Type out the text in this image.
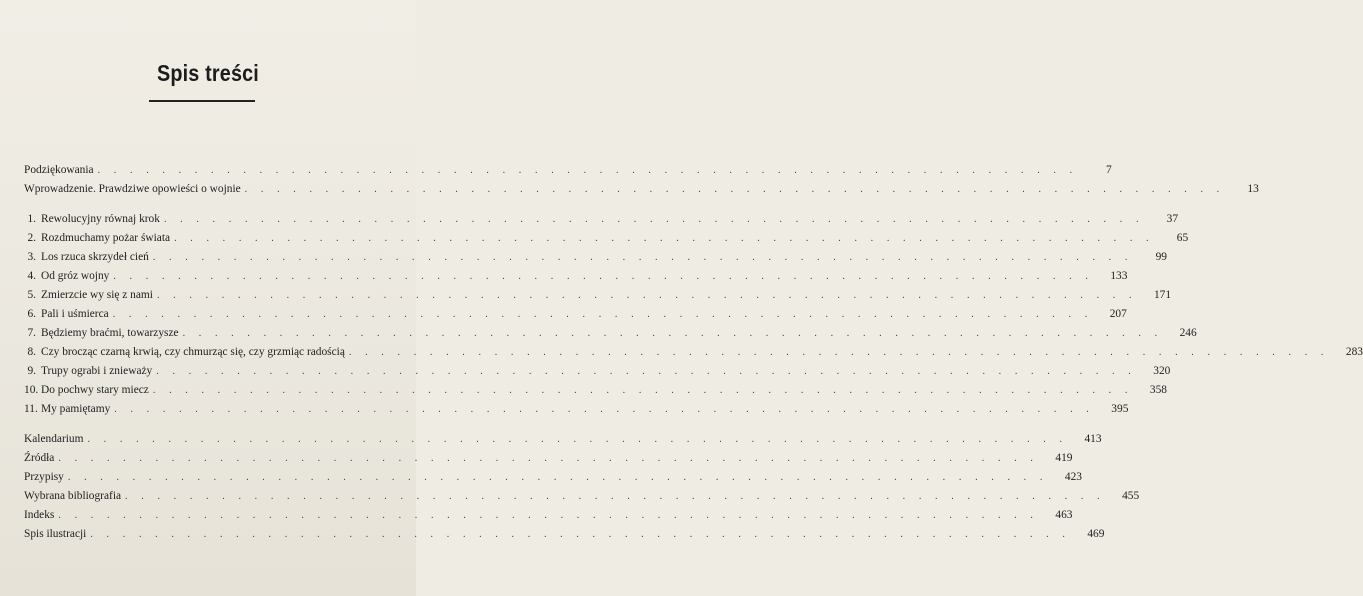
Spis treści
Podziękowania . . . . . . . . . . . . . . . . . . . . . . . . . . . . . . . . . . . . . . . . . . . . . . . . . . . . . . . . . . . . .	7
Wprowadzenie. Prawdziwe opowieści o wojnie . . . . . . . . . . . . . . . . . . . . . . . . . . . . . . . . . . . . . . . . . . . . . . . . . . . . . . . . . . . . .	13
1. Rewolucyjny równaj krok . . . . . . . . . . . . . . . . . . . . . . . . . . . . . . . . . . . . . . . . . . . . . . . . . . . . . . . . . . . . .	37
2. Rozdmuchamy pożar świata . . . . . . . . . . . . . . . . . . . . . . . . . . . . . . . . . . . . . . . . . . . . . . . . . . . . . . . . . . . . .	65
3. Los rzuca skrzydeł cień . . . . . . . . . . . . . . . . . . . . . . . . . . . . . . . . . . . . . . . . . . . . . . . . . . . . . . . . . . . . .	99
4. Od gróz wojny . . . . . . . . . . . . . . . . . . . . . . . . . . . . . . . . . . . . . . . . . . . . . . . . . . . . . . . . . . . . .	133
5. Zmierzcie wy się z nami . . . . . . . . . . . . . . . . . . . . . . . . . . . . . . . . . . . . . . . . . . . . . . . . . . . . . . . . . . . . .	171
6. Pali i uśmierca . . . . . . . . . . . . . . . . . . . . . . . . . . . . . . . . . . . . . . . . . . . . . . . . . . . . . . . . . . . . .	207
7. Będziemy braćmi, towarzysze . . . . . . . . . . . . . . . . . . . . . . . . . . . . . . . . . . . . . . . . . . . . . . . . . . . . . . . . . . . . .	246
8. Czy brocząc czarną krwią, czy chmurząc się, czy grzmiąc radością . . . . . . . . . . . . . . . . . . . . . . . . . . . . . . . . . . . . . . . . . . . . . . . . . . . . . . . . . . . . .	283
9. Trupy ograbi i znieważy . . . . . . . . . . . . . . . . . . . . . . . . . . . . . . . . . . . . . . . . . . . . . . . . . . . . . . . . . . . . .	320
10. Do pochwy stary miecz . . . . . . . . . . . . . . . . . . . . . . . . . . . . . . . . . . . . . . . . . . . . . . . . . . . . . . . . . . . . .	358
11. My pamiętamy . . . . . . . . . . . . . . . . . . . . . . . . . . . . . . . . . . . . . . . . . . . . . . . . . . . . . . . . . . . . .	395
Kalendarium . . . . . . . . . . . . . . . . . . . . . . . . . . . . . . . . . . . . . . . . . . . . . . . . . . . . . . . . . . . . .	413
Źródła . . . . . . . . . . . . . . . . . . . . . . . . . . . . . . . . . . . . . . . . . . . . . . . . . . . . . . . . . . . . .	419
Przypisy . . . . . . . . . . . . . . . . . . . . . . . . . . . . . . . . . . . . . . . . . . . . . . . . . . . . . . . . . . . . .	423
Wybrana bibliografia . . . . . . . . . . . . . . . . . . . . . . . . . . . . . . . . . . . . . . . . . . . . . . . . . . . . . . . . . . . . .	455
Indeks . . . . . . . . . . . . . . . . . . . . . . . . . . . . . . . . . . . . . . . . . . . . . . . . . . . . . . . . . . . . .	463
Spis ilustracji . . . . . . . . . . . . . . . . . . . . . . . . . . . . . . . . . . . . . . . . . . . . . . . . . . . . . . . . . . . . .	469
